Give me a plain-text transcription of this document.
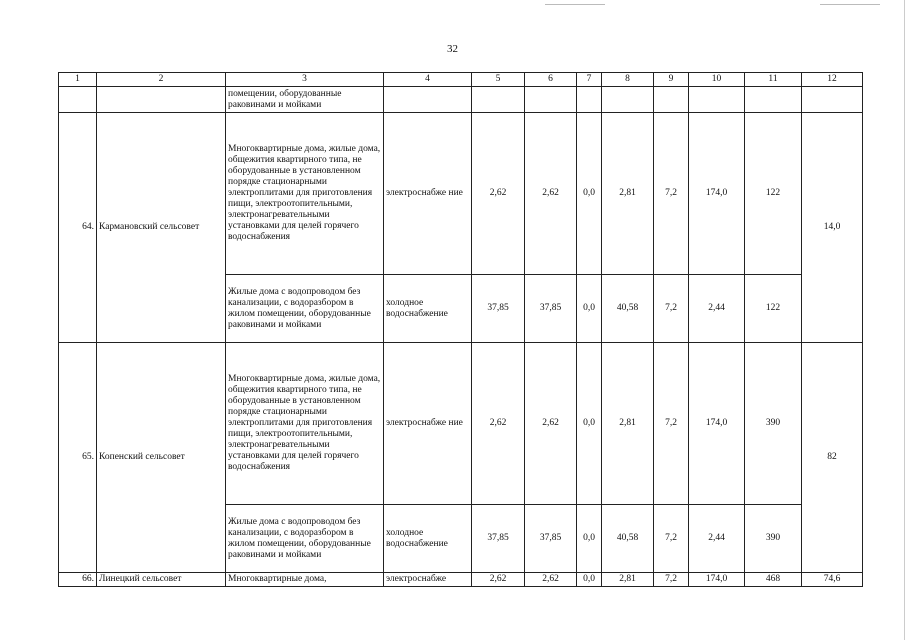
32
1	2	3	4	5	6	7	8	9	10	11	12
		помещении, оборудованные раковинами и мойками									
64.	Кармановский сельсовет	Многоквартирные дома, жилые дома, общежития квартирного типа, не оборудованные в установленном порядке стационарными электроплитами для приготовления пищи, электроотопительными, электронагревательными установками для целей горячего водоснабжения	электроснабже ние	2,62	2,62	0,0	2,81	7,2	174,0	122	14,0
		Жилые дома с водопроводом без канализации, с водоразбором в жилом помещении, оборудованные раковинами и мойками	холодное водоснабжение	37,85	37,85	0,0	40,58	7,2	2,44	122	
65.	Копенский сельсовет	Многоквартирные дома, жилые дома, общежития квартирного типа, не оборудованные в установленном порядке стационарными электроплитами для приготовления пищи, электроотопительными, электронагревательными установками для целей горячего водоснабжения	электроснабже ние	2,62	2,62	0,0	2,81	7,2	174,0	390	82
		Жилые дома с водопроводом без канализации, с водоразбором в жилом помещении, оборудованные раковинами и мойками	холодное водоснабжение	37,85	37,85	0,0	40,58	7,2	2,44	390	
66.	Линецкий сельсовет	Многоквартирные дома,	электроснабже	2,62	2,62	0,0	2,81	7,2	174,0	468	74,6
